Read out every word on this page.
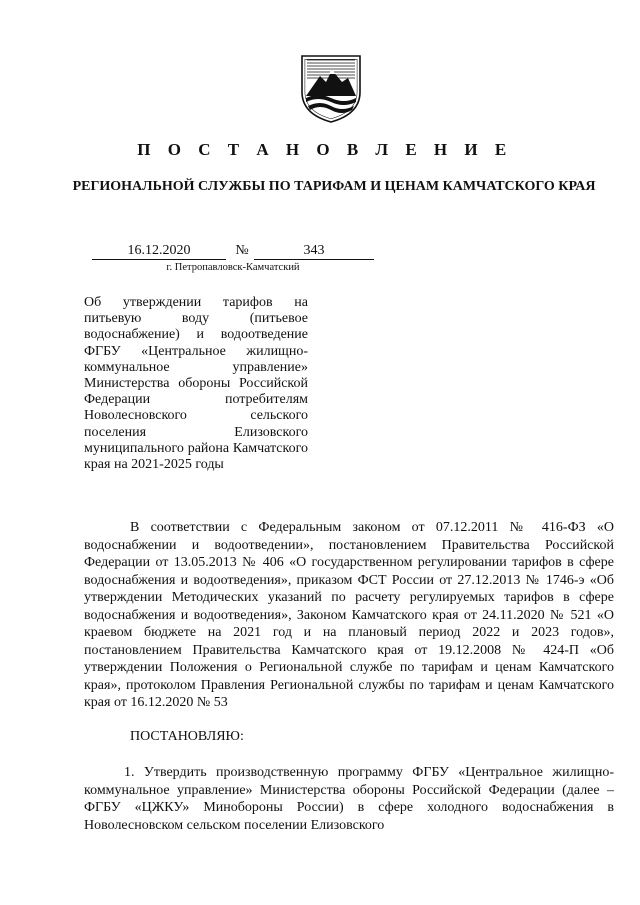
П О С Т А Н О В Л Е Н И Е
РЕГИОНАЛЬНОЙ СЛУЖБЫ ПО ТАРИФАМ И ЦЕНАМ КАМЧАТСКОГО КРАЯ
16.12.2020	№	343
г. Петропавловск-Камчатский
Об утверждении тарифов на питьевую воду (питьевое водоснабжение) и водоотведение ФГБУ «Центральное жилищно-коммунальное управление» Министерства обороны Российской Федерации потребителям Новолесновского сельского поселения Елизовского муниципального района Камчатского края на 2021-2025 годы
В соответствии с Федеральным законом от 07.12.2011 № 416-ФЗ «О водоснабжении и водоотведении», постановлением Правительства Российской Федерации от 13.05.2013 № 406 «О государственном регулировании тарифов в сфере водоснабжения и водоотведения», приказом ФСТ России от 27.12.2013 № 1746-э «Об утверждении Методических указаний по расчету регулируемых тарифов в сфере водоснабжения и водоотведения», Законом Камчатского края от 24.11.2020 № 521 «О краевом бюджете на 2021 год и на плановый период 2022 и 2023 годов», постановлением Правительства Камчатского края от 19.12.2008 № 424-П «Об утверждении Положения о Региональной службе по тарифам и ценам Камчатского края», протоколом Правления Региональной службы по тарифам и ценам Камчатского края от 16.12.2020 № 53
ПОСТАНОВЛЯЮ:
1. Утвердить производственную программу ФГБУ «Центральное жилищно-коммунальное управление» Министерства обороны Российской Федерации (далее – ФГБУ «ЦЖКУ» Минобороны России) в сфере холодного водоснабжения в Новолесновском сельском поселении Елизовского
